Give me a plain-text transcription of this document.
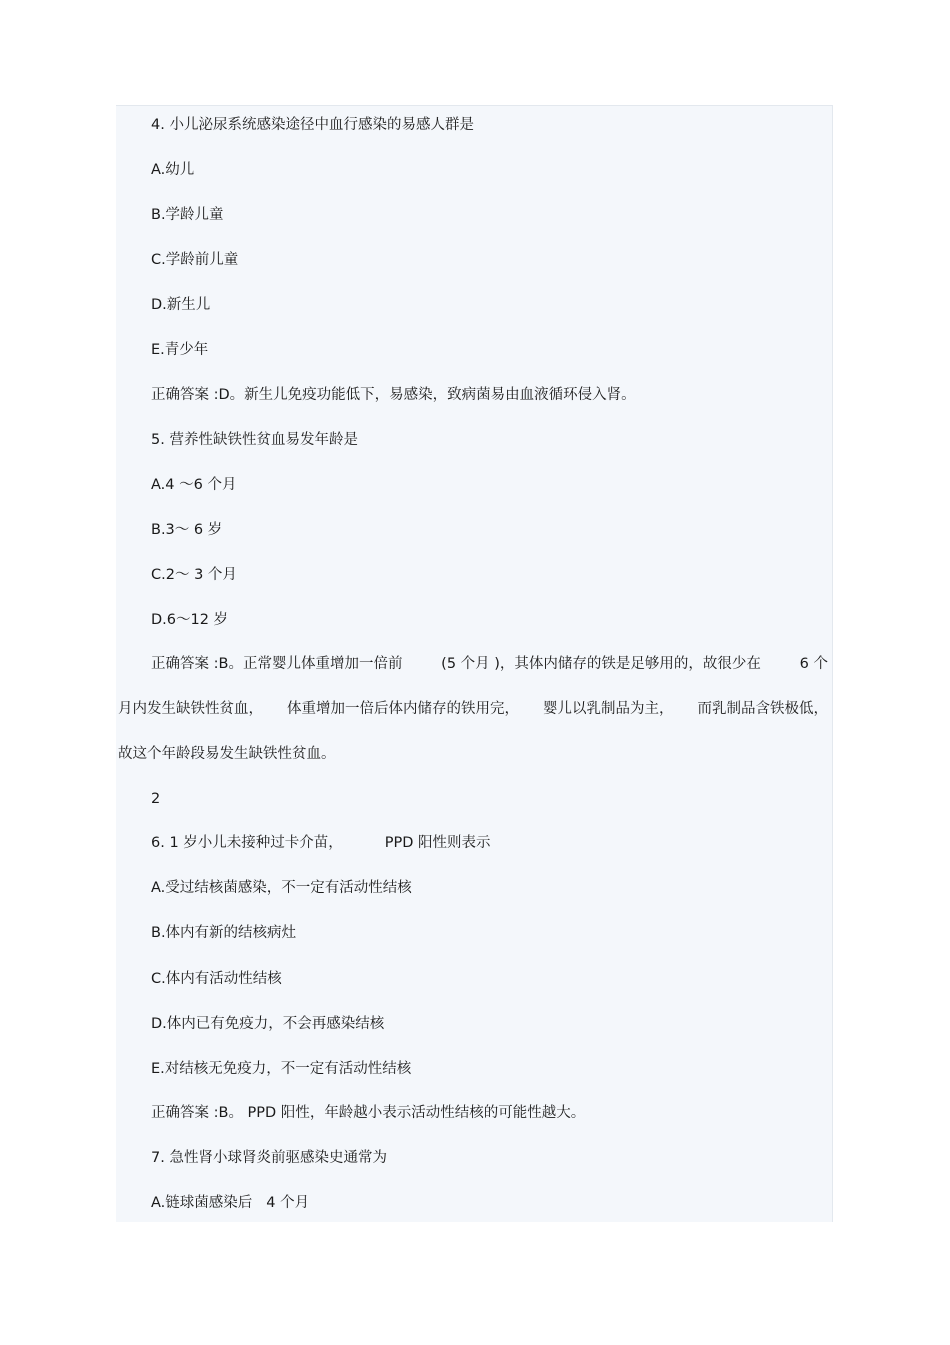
4. 小儿泌尿系统感染途径中血行感染的易感人群是
A.幼儿
B.学龄儿童
C.学龄前儿童
D.新生儿
E.青少年
正确答案 :D。新生儿免疫功能低下，易感染，致病菌易由血液循环侵入肾。
5. 营养性缺铁性贫血易发年龄是
A.4 ～6 个月
B.3～ 6 岁
C.2～ 3 个月
D.6～12 岁
正确答案 :B。正常婴儿体重增加一倍前	(5 个月 )，其体内储存的铁是足够用的，故很少在	6 个
月内发生缺铁性贫血， 体重增加一倍后体内储存的铁用完， 婴儿以乳制品为主， 而乳制品含铁极低，
故这个年龄段易发生缺铁性贫血。
2
6. 1 岁小儿未接种过卡介苗，	PPD 阳性则表示
A.受过结核菌感染，不一定有活动性结核
B.体内有新的结核病灶
C.体内有活动性结核
D.体内已有免疫力，不会再感染结核
E.对结核无免疫力，不一定有活动性结核
正确答案 :B。 PPD 阳性，年龄越小表示活动性结核的可能性越大。
7. 急性肾小球肾炎前驱感染史通常为
A.链球菌感染后 4 个月
